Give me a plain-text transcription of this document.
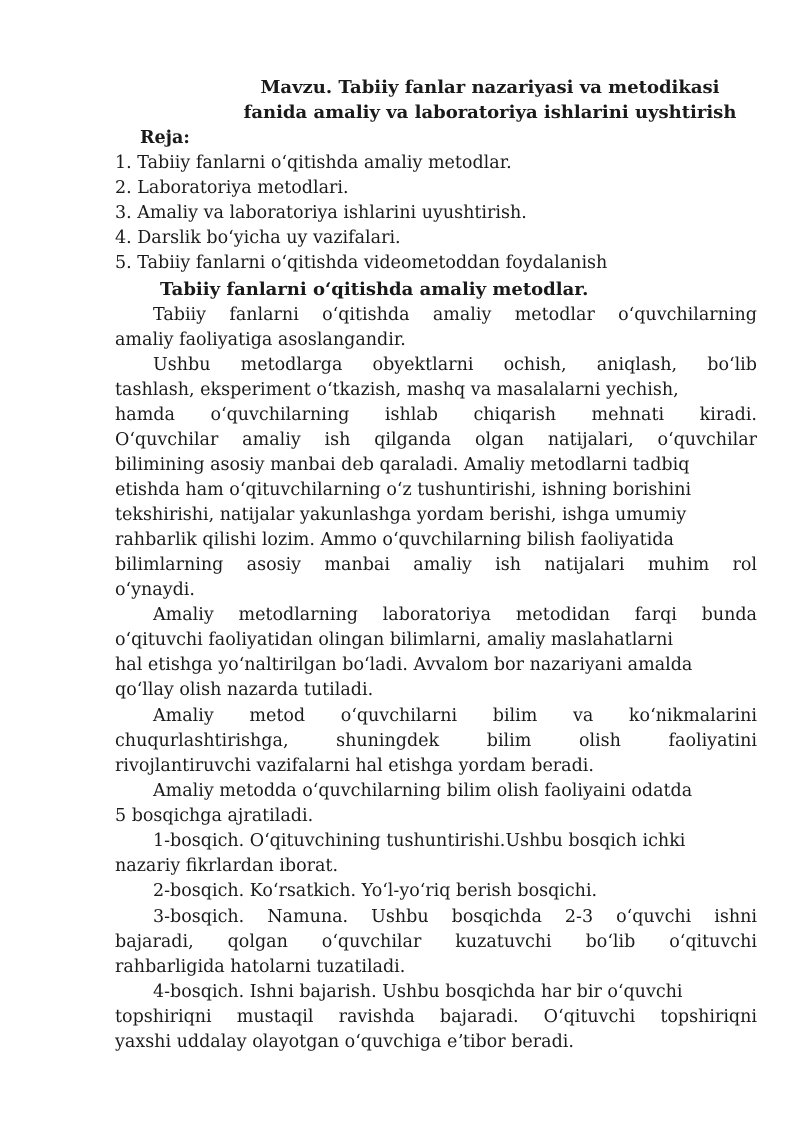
Mavzu. Tabiiy fanlar nazariyasi va metodikasi
fanida amaliy va laboratoriya ishlarini uyshtirish
Reja:
1. Tabiiy fanlarni oʻqitishda amaliy metodlar.
2. Laboratoriya metodlari.
3. Amaliy va laboratoriya ishlarini uyushtirish.
4. Darslik boʻyicha uy vazifalari.
5. Tabiiy fanlarni oʻqitishda videometoddan foydalanish
Tabiiy fanlarni oʻqitishda amaliy metodlar.
Tabiiy fanlarni oʻqitishda amaliy metodlar oʻquvchilarning
amaliy faoliyatiga asoslangandir.
Ushbu metodlarga obyektlarni ochish, aniqlash, boʻlib
tashlash, eksperiment oʻtkazish, mashq va masalalarni yechish,
hamda oʻquvchilarning ishlab chiqarish mehnati kiradi.
Oʻquvchilar amaliy ish qilganda olgan natijalari, oʻquvchilar
bilimining asosiy manbai deb qaraladi. Amaliy metodlarni tadbiq
etishda ham oʻqituvchilarning oʻz tushuntirishi, ishning borishini
tekshirishi, natijalar yakunlashga yordam berishi, ishga umumiy
rahbarlik qilishi lozim. Ammo oʻquvchilarning bilish faoliyatida
bilimlarning asosiy manbai amaliy ish natijalari muhim rol
oʻynaydi.
Amaliy metodlarning laboratoriya metodidan farqi bunda
oʻqituvchi faoliyatidan olingan bilimlarni, amaliy maslahatlarni
hal etishga yoʻnaltirilgan boʻladi. Avvalom bor nazariyani amalda
qoʻllay olish nazarda tutiladi.
Amaliy metod oʻquvchilarni bilim va koʻnikmalarini
chuqurlashtirishga, shuningdek bilim olish faoliyatini
rivojlantiruvchi vazifalarni hal etishga yordam beradi.
Amaliy metodda oʻquvchilarning bilim olish faoliyaini odatda
5 bosqichga ajratiladi.
1-bosqich. Oʻqituvchining tushuntirishi.Ushbu bosqich ichki
nazariy fikrlardan iborat.
2-bosqich. Koʻrsatkich. Yoʻl-yoʻriq berish bosqichi.
3-bosqich. Namuna. Ushbu bosqichda 2-3 oʻquvchi ishni
bajaradi, qolgan oʻquvchilar kuzatuvchi boʻlib oʻqituvchi
rahbarligida hatolarni tuzatiladi.
4-bosqich. Ishni bajarish. Ushbu bosqichda har bir oʻquvchi
topshiriqni mustaqil ravishda bajaradi. Oʻqituvchi topshiriqni
yaxshi uddalay olayotgan oʻquvchiga eʼtibor beradi.
